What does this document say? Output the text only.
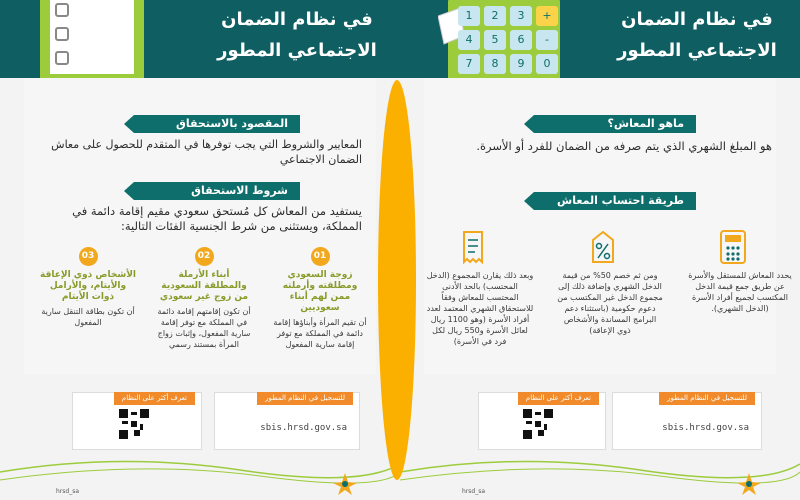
في نظام الضمان
الاجتماعي المطور
المقصود بالاستحقاق
المعايير والشروط التي يجب توفرها في المتقدم للحصول على معاش الضمان الاجتماعي
شروط الاستحقاق
يستفيد من المعاش كل مُستحق سعودي مقيم إقامة دائمة في المملكة، ويستثنى من شرط الجنسية الفئات التالية:
01
زوجة السعودي ومطلقته وأرملته ممن لهم أبناء سعوديين
أن تقيم المرأة وأبناؤها إقامة دائمة في المملكة مع توفر إقامة سارية المفعول
02
أبناء الأرملة والمطلقة السعودية من زوج غير سعودي
أن تكون إقامتهم إقامة دائمة في المملكة مع توفر إقامة سارية المفعول، وإثبات زواج المرأة بمستند رسمي
03
الأشخاص ذوي الإعاقة والأيتام، والأرامل ذوات الأيتام
أن تكون بطاقة التنقل سارية المفعول
للتسجيل في النظام المطور
sbis.hrsd.gov.sa
تعرف أكثر على النظام
hrsd_sa
في نظام الضمان
الاجتماعي المطور
1	2	3	+
4	5	6	-
7	8	9	0
ماهو المعاش؟
هو المبلغ الشهري الذي يتم صرفه من الضمان للفرد أو الأسرة.
طريقة احتساب المعاش
يحدد المعاش للمستقل والأسرة عن طريق جمع قيمة الدخل المكتسب لجميع أفراد الأسرة (الدخل الشهري).
ومن ثم خصم 50% من قيمة الدخل الشهري وإضافة ذلك إلى مجموع الدخل غير المكتسب من دعوم حكومية (باستثناء دعم البرامج المساندة والأشخاص ذوي الإعاقة)
وبعد ذلك يقارن المجموع (الدخل المحتسب) بالحد الأدنى المحتسب للمعاش وفقاً للاستحقاق الشهري المعتمد لعدد أفراد الأسرة (وهو 1100 ريال لعائل الأسرة و550 ريال لكل فرد في الأسرة)
للتسجيل في النظام المطور
sbis.hrsd.gov.sa
تعرف أكثر على النظام
hrsd_sa
